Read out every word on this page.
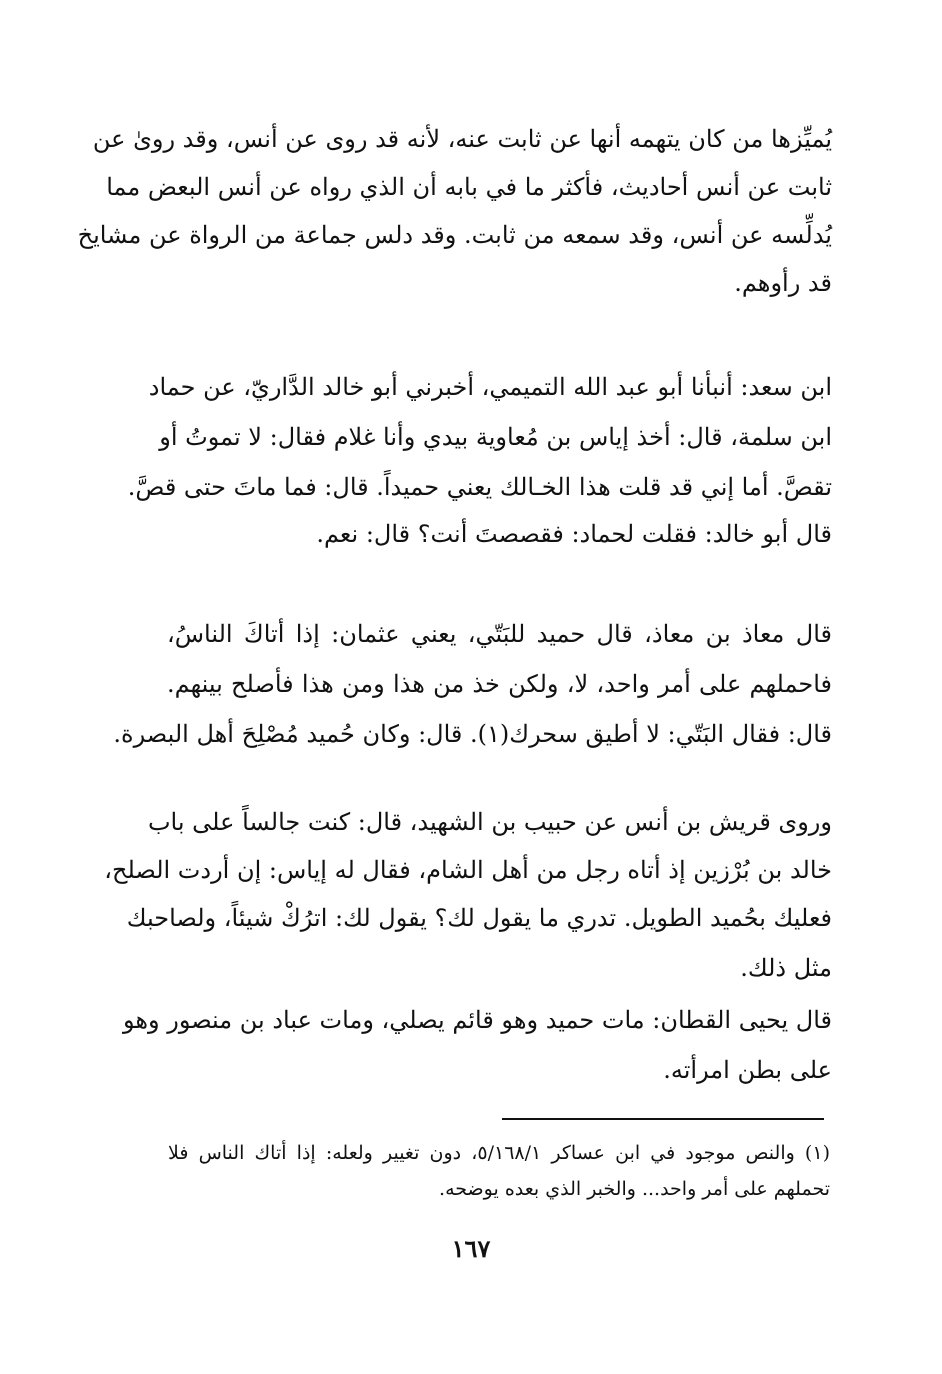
يُميِّزها من كان يتهمه أنها عن ثابت عنه، لأنه قد روى عن أنس، وقد روىٰ عن
ثابت عن أنس أحاديث، فأكثر ما في بابه أن الذي رواه عن أنس البعض مما
يُدلِّسه عن أنس، وقد سمعه من ثابت. وقد دلس جماعة من الرواة عن مشايخ
قد رأوهم.
ابن سعد: أنبأنا أبو عبد الله التميمي، أخبرني أبو خالد الدَّاريّ، عن حماد
ابن سلمة، قال: أخذ إياس بن مُعاوية بيدي وأنا غلام فقال: لا تموتُ أو
تقصَّ. أما إني قد قلت هذا الخـالك يعني حميداً. قال: فما ماتَ حتى قصَّ.
قال أبو خالد: فقلت لحماد: فقصصتَ أنت؟ قال: نعم.
قال معاذ بن معاذ، قال حميد للبَتّي، يعني عثمان: إذا أتاكَ الناسُ،
فاحملهم على أمر واحد، لا، ولكن خذ من هذا ومن هذا فأصلح بينهم.
قال: فقال البَتّي: لا أطيق سحرك(١). قال: وكان حُميد مُصْلِحَ أهل البصرة.
وروى قريش بن أنس عن حبيب بن الشهيد، قال: كنت جالساً على باب
خالد بن بُرْزين إذ أتاه رجل من أهل الشام، فقال له إياس: إن أردت الصلح،
فعليك بحُميد الطويل. تدري ما يقول لك؟ يقول لك: اترُكْ شيئاً، ولصاحبك
مثل ذلك.
قال يحيى القطان: مات حميد وهو قائم يصلي، ومات عباد بن منصور وهو
على بطن امرأته.
(١) والنص موجود في ابن عساكر ٥/١٦٨/١، دون تغيير ولعله: إذا أتاك الناس فلا
تحملهم على أمر واحد... والخبر الذي بعده يوضحه.
١٦٧
